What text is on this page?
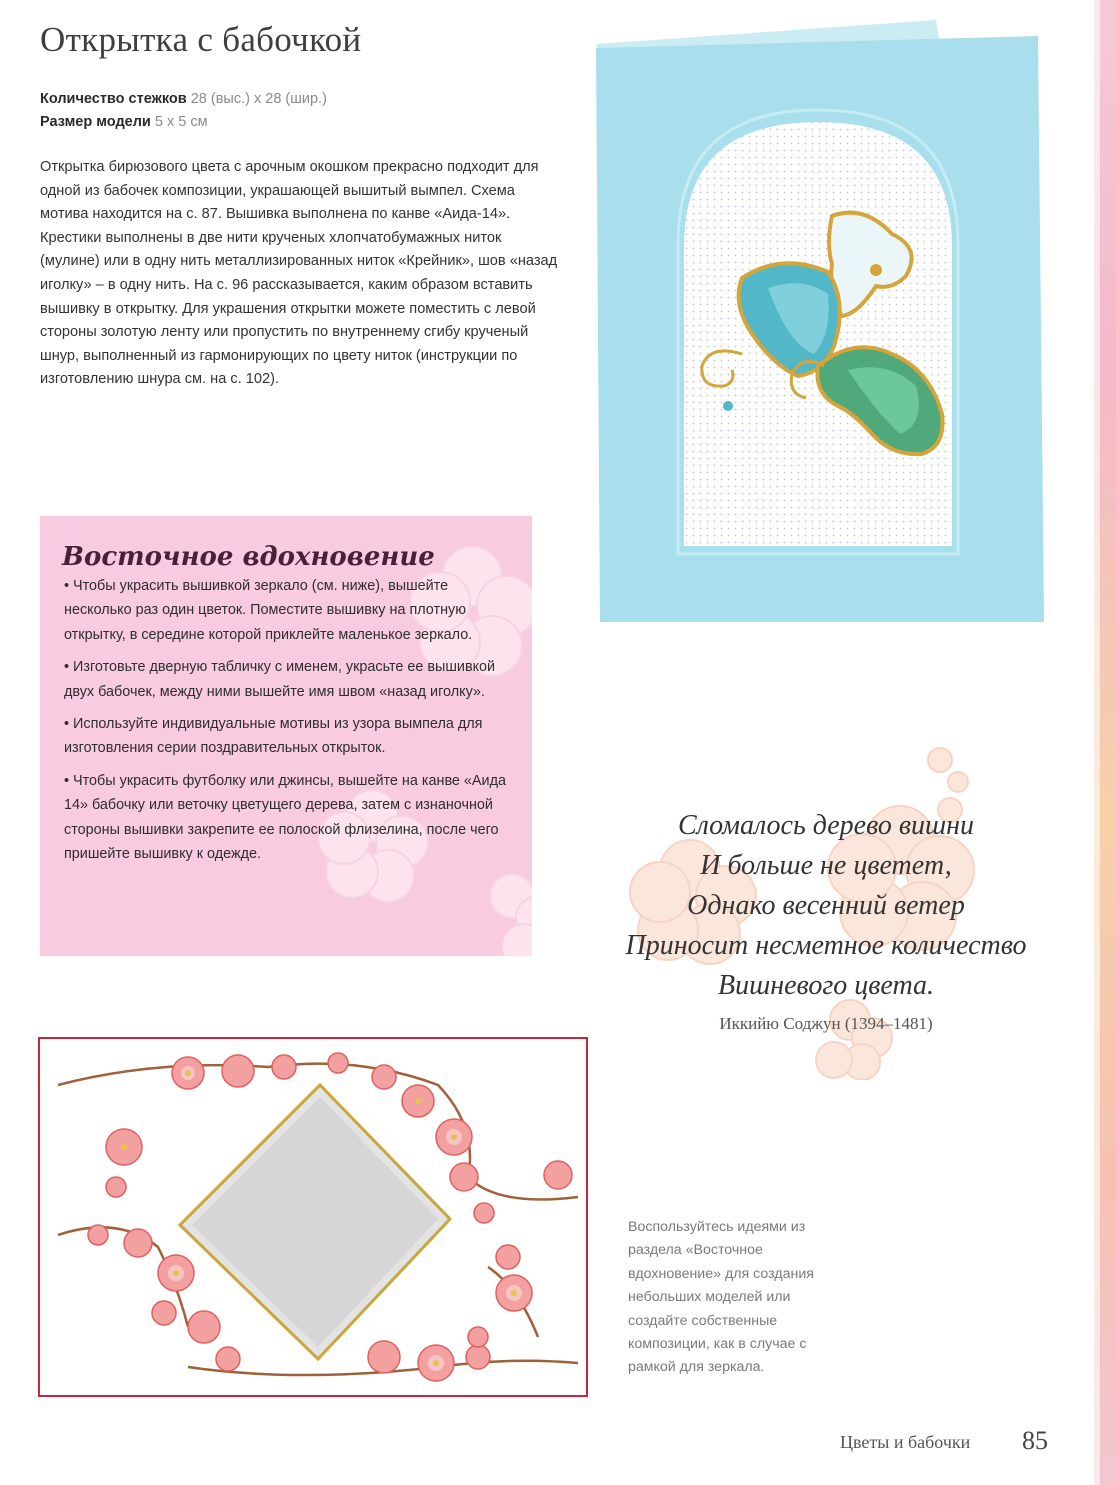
Открытка с бабочкой
Количество стежков 28 (выс.) х 28 (шир.)
Размер модели 5 х 5 см

Открытка бирюзового цвета с арочным окошком прекрасно подходит для одной из бабочек композиции, украшающей вышитый вымпел. Схема мотива находится на с. 87. Вышивка выполнена по канве «Аида-14». Крестики выполнены в две нити крученых хлопчатобумажных ниток (мулине) или в одну нить металлизированных ниток «Крейник», шов «назад иголку» – в одну нить. На с. 96 рассказывается, каким образом вставить вышивку в открытку. Для украшения открытки можете поместить с левой стороны золотую ленту или пропустить по внутреннему сгибу крученый шнур, выполненный из гармонирующих по цвету ниток (инструкции по изготовлению шнура см. на с. 102).

Восточное вдохновение
• Чтобы украсить вышивкой зеркало (см. ниже), вышейте несколько раз один цветок. Поместите вышивку на плотную открытку, в середине которой приклейте маленькое зеркало.
• Изготовьте дверную табличку с именем, украсьте ее вышивкой двух бабочек, между ними вышейте имя швом «назад иголку».
• Используйте индивидуальные мотивы из узора вымпела для изготовления серии поздравительных открыток.
• Чтобы украсить футболку или джинсы, вышейте на канве «Аида 14» бабочку или веточку цветущего дерева, затем с изнаночной стороны вышивки закрепите ее полоской флизелина, после чего пришейте вышивку к одежде.
Сломалось дерево вишни
И больше не цветет,
Однако весенний ветер
Приносит несметное количество
Вишневого цвета.
Иккийю Соджун (1394–1481)

Воспользуйтесь идеями из раздела «Восточное вдохновение» для создания небольших моделей или создайте собственные композиции, как в случае с рамкой для зеркала.

Цветы и бабочки 85
